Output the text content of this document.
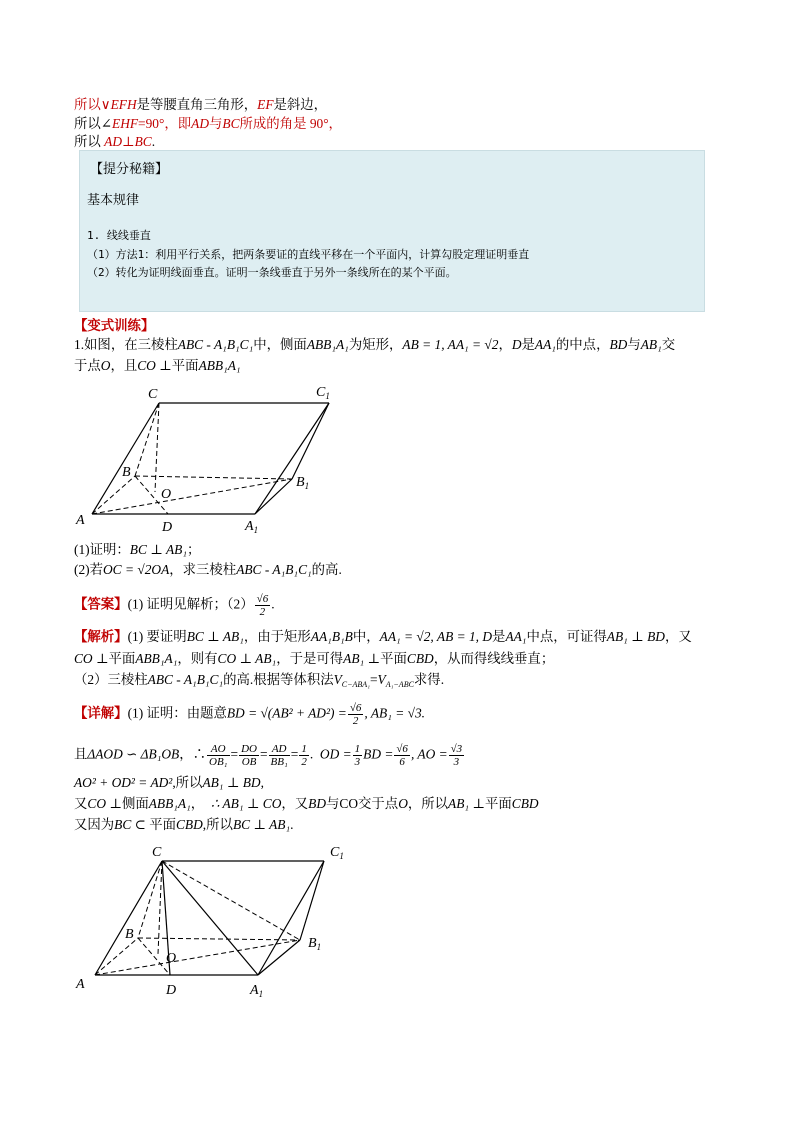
所以∨EFH是等腰直角三角形，EF是斜边，
所以∠EHF=90°，即AD与BC所成的角是 90°，
所以 AD⊥BC.
【提分秘籍】
基本规律
1. 线线垂直
（1）方法1：利用平行关系，把两条要证的直线平移在一个平面内，计算勾股定理证明垂直
（2）转化为证明线面垂直。证明一条线垂直于另外一条线所在的某个平面。
【变式训练】
1.如图，在三棱柱ABC - A₁B₁C₁中，侧面ABB₁A₁为矩形，AB = 1, AA₁ = √2，D是AA₁的中点，BD与AB₁交
于点O，且CO ⊥平面ABB₁A₁
C	$C_1$
B
$B_1$
O
A	D	$A_1$
(1)证明：BC ⊥ AB₁；
(2)若OC = √2OA，求三棱柱ABC - A₁B₁C₁的高.
【答案】(1) 证明见解析；$(2) \frac{√6}{2}$ .
【解析】(1) 要证明BC ⊥ AB₁，由于矩形AA₁B₁B中，AA₁ = √2, AB = 1, D是AA₁中点，可证得AB₁ ⊥ BD，又
CO ⊥平面ABB₁A₁，则有CO ⊥ AB₁，于是可得AB₁ ⊥平面CBD，从而得线线垂直；
（2）三棱柱ABC - A₁B₁C₁的高.根据等体积法$V_{C-ABA_1}=V_{A_1-ABC}$求得.
【详解】(1) 证明：由题意BD = $√(AB^2 + AD^2) = \frac{√6}{2}$ , AB₁ = √3.
且ΔAOD ∽ ΔB₁OB，∴ $\frac{AO}{\text{OB₁}} = \frac{DO}{OB} = \frac{AD}{\text{BB₁}} = \frac{1}{2}$ . OD = $\frac{1}{3}$ BD = $\frac{√6}{6}$ , AO = $\frac{√3}{3}$
AO² + OD² = AD²,所以AB₁ ⊥ BD,
又CO ⊥侧面ABB₁A₁， ∴ AB₁ ⊥ CO，又BD与CO交于点O，所以AB₁ ⊥平面CBD
又因为BC ⊂ 平面CBD,所以BC ⊥ AB₁.
C	$C_1$
B
$B_1$
O
A	D	$A_1$
